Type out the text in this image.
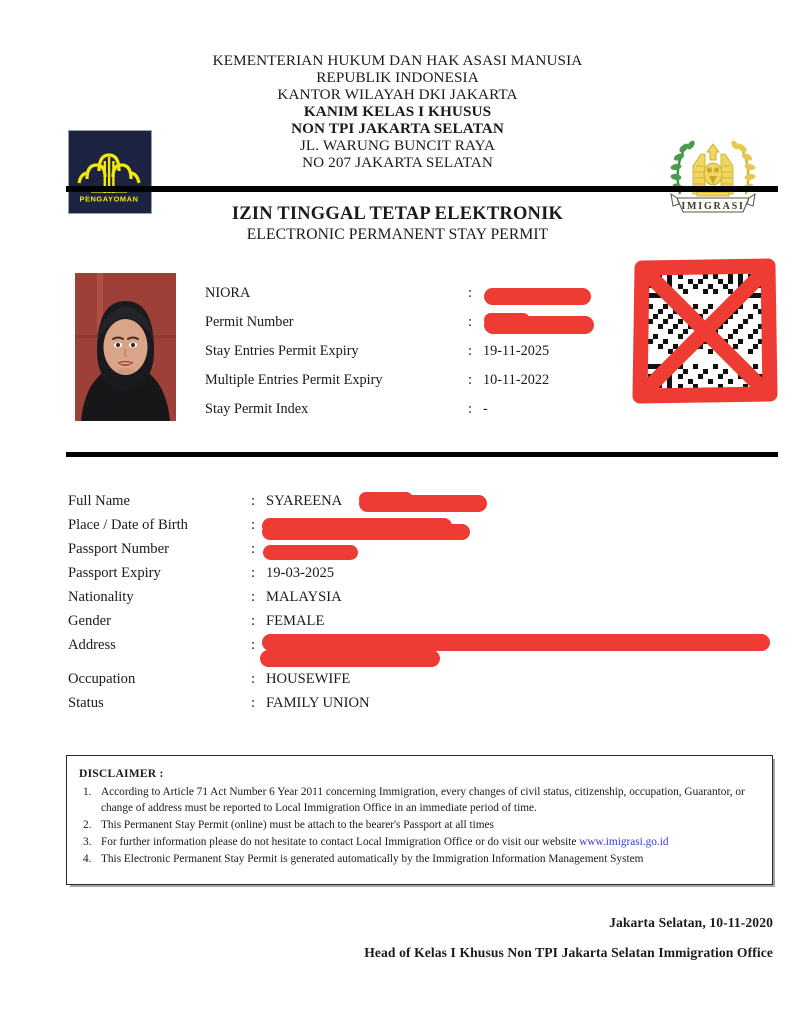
PENGAYOMAN
KEMENTERIAN HUKUM DAN HAK ASASI MANUSIA
REPUBLIK INDONESIA
KANTOR WILAYAH DKI JAKARTA
KANIM KELAS I KHUSUS
NON TPI JAKARTA SELATAN
JL. WARUNG BUNCIT RAYA
NO 207 JAKARTA SELATAN
IMIGRASI
IZIN TINGGAL TETAP ELEKTRONIK
ELECTRONIC PERMANENT STAY PERMIT
NIORA	:
Permit Number	:
Stay Entries Permit Expiry	: 19-11-2025
Multiple Entries Permit Expiry	: 10-11-2022
Stay Permit Index	: -
Full Name	: SYAREENA
Place / Date of Birth	:
Passport Number	:
Passport Expiry	: 19-03-2025
Nationality	: MALAYSIA
Gender	: FEMALE
Address	:
Occupation	: HOUSEWIFE
Status	: FAMILY UNION
DISCLAIMER :
1. According to Article 71 Act Number 6 Year 2011 concerning Immigration, every changes of civil status, citizenship, occupation, Guarantor, or change of address must be reported to Local Immigration Office in an immediate period of time.
2. This Permanent Stay Permit (online) must be attach to the bearer's Passport at all times
3. For further information please do not hesitate to contact Local Immigration Office or do visit our website www.imigrasi.go.id
4. This Electronic Permanent Stay Permit is generated automatically by the Immigration Information Management System
Jakarta Selatan, 10-11-2020
Head of Kelas I Khusus Non TPI Jakarta Selatan Immigration Office
